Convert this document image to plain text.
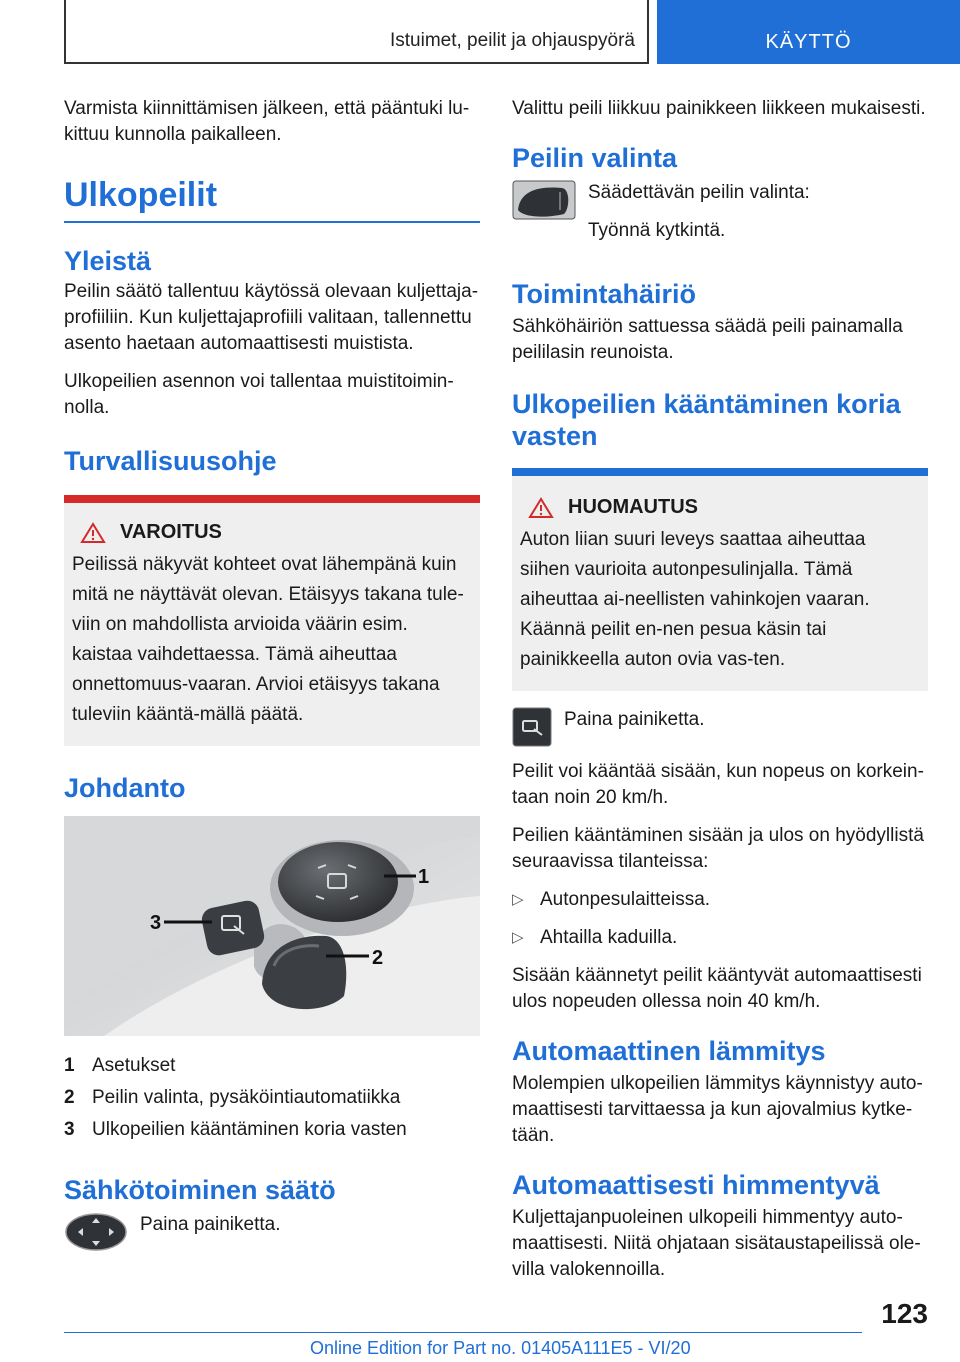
Istuimet, peilit ja ohjauspyörä	KÄYTTÖ

Varmista kiinnittämisen jälkeen, että pääntuki lu-kittuu kunnolla paikalleen.

Ulkopeilit
Yleistä

Peilin säätö tallentuu käytössä olevaan kuljettaja-profiiliin. Kun kuljettajaprofiili valitaan, tallennettu asento haetaan automaattisesti muistista.

Ulkopeilien asennon voi tallentaa muistitoimin-nolla.

Turvallisuusohje
VAROITUS

Peilissä näkyvät kohteet ovat lähempänä kuin mitä ne näyttävät olevan. Etäisyys takana tule-viin on mahdollista arvioida väärin esim. kaistaa vaihdettaessa. Tämä aiheuttaa onnettomuus-vaaran. Arvioi etäisyys takana tuleviin kääntä-mällä päätä.

Johdanto
1
2
3
1 Asetukset
2 Peilin valinta, pysäköintiautomatiikka
3 Ulkopeilien kääntäminen koria vasten
Sähkötoiminen säätö

Paina painiketta.

Valittu peili liikkuu painikkeen liikkeen mukaisesti.

Peilin valinta

Säädettävän peilin valinta:

Työnnä kytkintä.

Toimintahäiriö

Sähköhäiriön sattuessa säädä peili painamalla peililasin reunoista.

Ulkopeilien kääntäminen koria vasten
HUOMAUTUS

Auton liian suuri leveys saattaa aiheuttaa siihen vaurioita autonpesulinjalla. Tämä aiheuttaa ai-neellisten vahinkojen vaaran. Käännä peilit en-nen pesua käsin tai painikkeella auton ovia vas-ten.

Paina painiketta.

Peilit voi kääntää sisään, kun nopeus on korkein-taan noin 20 km/h.

Peilien kääntäminen sisään ja ulos on hyödyllistä seuraavissa tilanteissa:

▷ Autonpesulaitteissa.
▷ Ahtailla kaduilla.

Sisään käännetyt peilit kääntyvät automaattisesti ulos nopeuden ollessa noin 40 km/h.

Automaattinen lämmitys

Molempien ulkopeilien lämmitys käynnistyy auto-maattisesti tarvittaessa ja kun ajovalmius kytke-tään.

Automaattisesti himmentyvä

Kuljettajanpuoleinen ulkopeili himmentyy auto-maattisesti. Niitä ohjataan sisätaustapeilissä ole-villa valokennoilla.

123
Online Edition for Part no. 01405A111E5 - VI/20
